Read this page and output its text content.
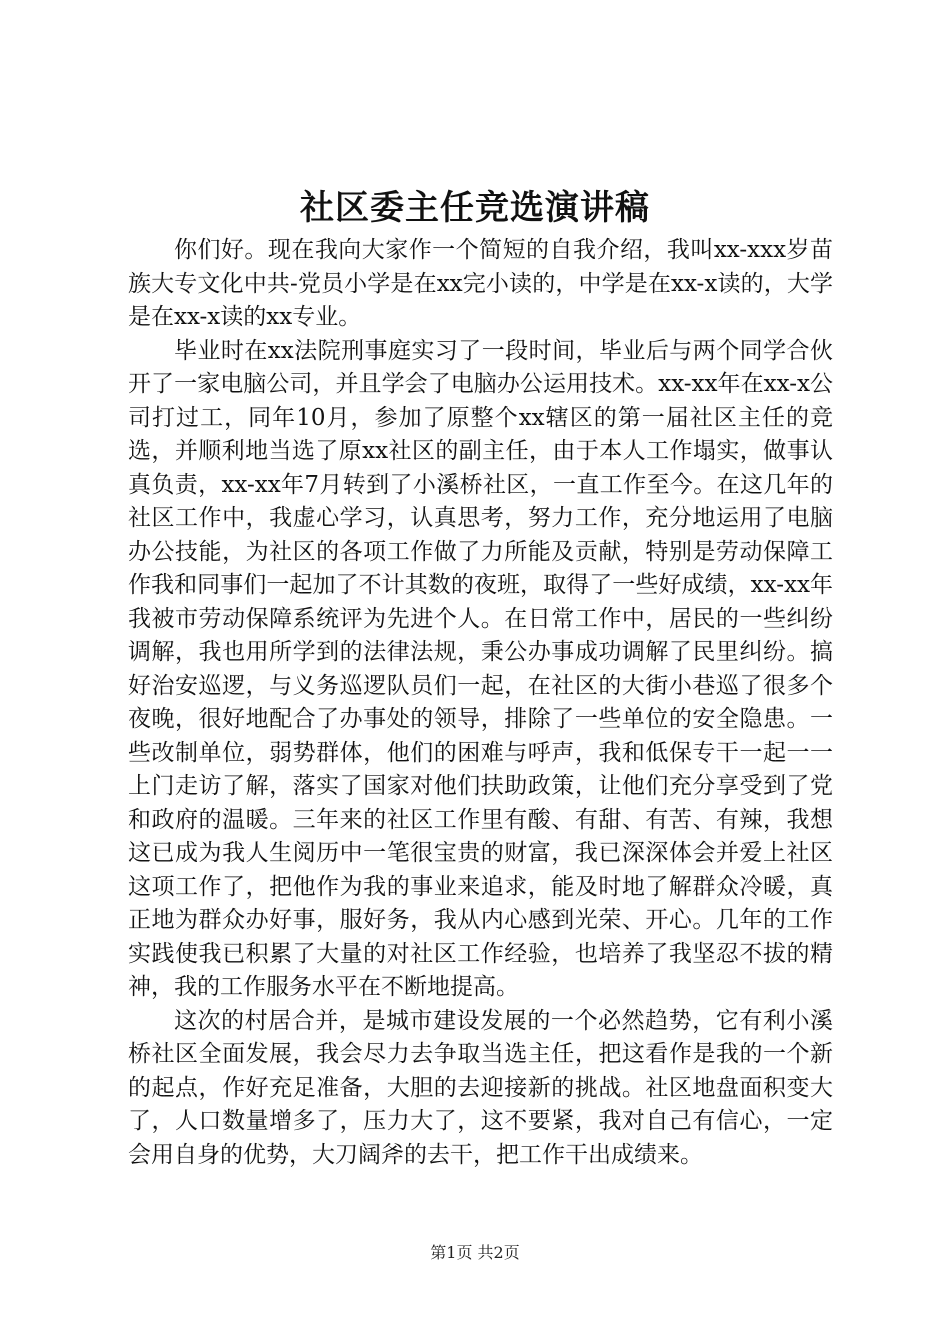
社区委主任竞选演讲稿

你们好。现在我向大家作一个简短的自我介绍，我叫xx-xxx岁苗族大专文化中共-党员小学是在xx完小读的，中学是在xx-x读的，大学是在xx-x读的xx专业。

毕业时在xx法院刑事庭实习了一段时间，毕业后与两个同学合伙开了一家电脑公司，并且学会了电脑办公运用技术。xx-xx年在xx-x公司打过工，同年10月，参加了原整个xx辖区的第一届社区主任的竞选，并顺利地当选了原xx社区的副主任，由于本人工作塌实，做事认真负责，xx-xx年7月转到了小溪桥社区，一直工作至今。在这几年的社区工作中，我虚心学习，认真思考，努力工作，充分地运用了电脑办公技能，为社区的各项工作做了力所能及贡献，特别是劳动保障工作我和同事们一起加了不计其数的夜班，取得了一些好成绩，xx-xx年我被市劳动保障系统评为先进个人。在日常工作中，居民的一些纠纷调解，我也用所学到的法律法规，秉公办事成功调解了民里纠纷。搞好治安巡逻，与义务巡逻队员们一起，在社区的大街小巷巡了很多个夜晚，很好地配合了办事处的领导，排除了一些单位的安全隐患。一些改制单位，弱势群体，他们的困难与呼声，我和低保专干一起一一上门走访了解，落实了国家对他们扶助政策，让他们充分享受到了党和政府的温暖。三年来的社区工作里有酸、有甜、有苦、有辣，我想这已成为我人生阅历中一笔很宝贵的财富，我已深深体会并爱上社区这项工作了，把他作为我的事业来追求，能及时地了解群众冷暖，真正地为群众办好事，服好务，我从内心感到光荣、开心。几年的工作实践使我已积累了大量的对社区工作经验，也培养了我坚忍不拔的精神，我的工作服务水平在不断地提高。

这次的村居合并，是城市建设发展的一个必然趋势，它有利小溪桥社区全面发展，我会尽力去争取当选主任，把这看作是我的一个新的起点，作好充足准备，大胆的去迎接新的挑战。社区地盘面积变大了，人口数量增多了，压力大了，这不要紧，我对自己有信心，一定会用自身的优势，大刀阔斧的去干，把工作干出成绩来。

第1页 共2页
